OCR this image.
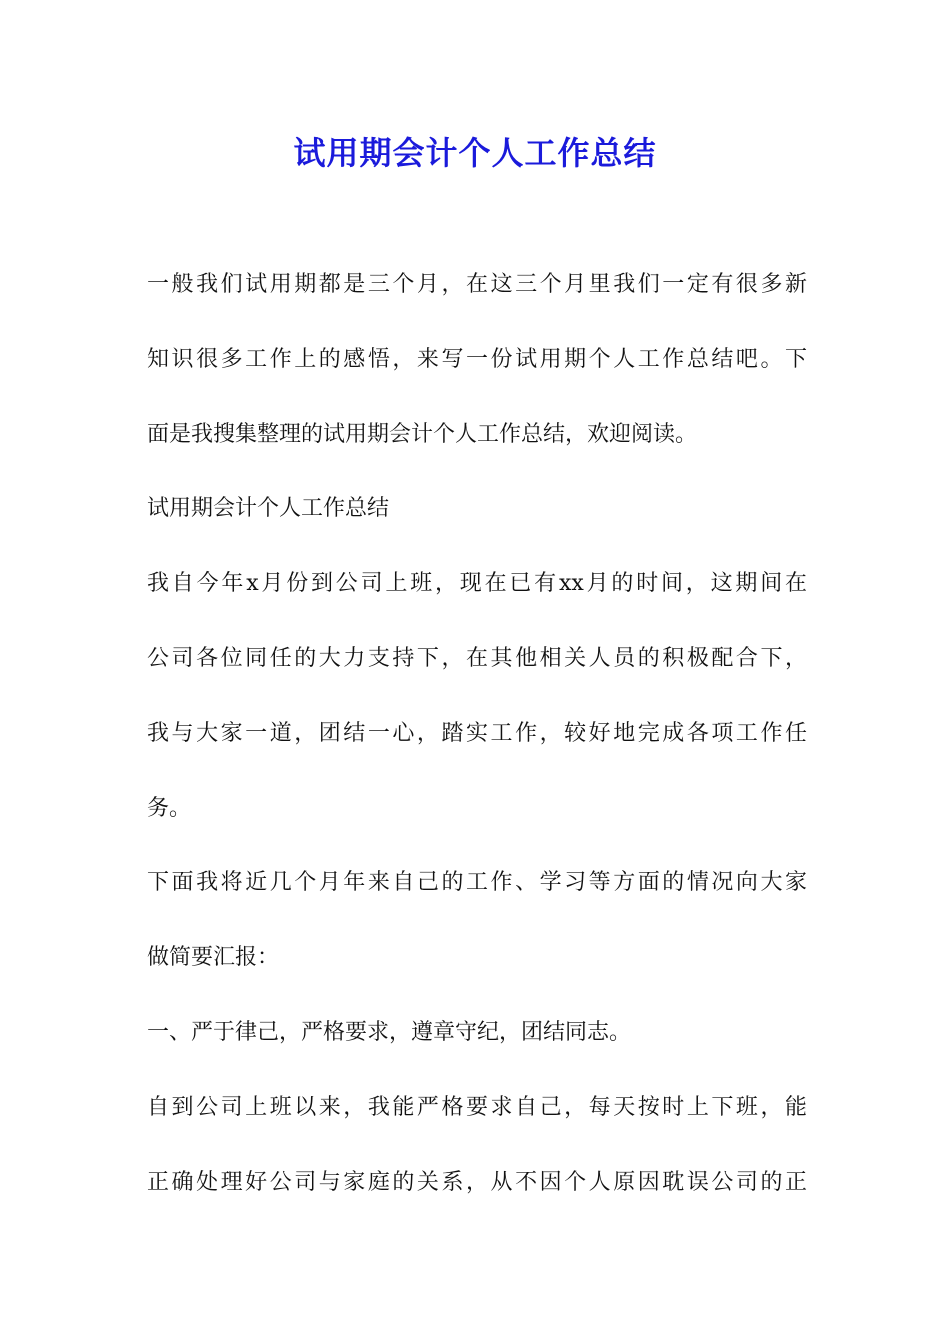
试用期会计个人工作总结

一般我们试用期都是三个月，在这三个月里我们一定有很多新

知识很多工作上的感悟，来写一份试用期个人工作总结吧。下

面是我搜集整理的试用期会计个人工作总结，欢迎阅读。

试用期会计个人工作总结

我自今年x月份到公司上班，现在已有xx月的时间，这期间在

公司各位同任的大力支持下，在其他相关人员的积极配合下，

我与大家一道，团结一心，踏实工作，较好地完成各项工作任

务。

下面我将近几个月年来自己的工作、学习等方面的情况向大家

做简要汇报：

一、严于律己，严格要求，遵章守纪，团结同志。

自到公司上班以来，我能严格要求自己，每天按时上下班，能

正确处理好公司与家庭的关系，从不因个人原因耽误公司的正
